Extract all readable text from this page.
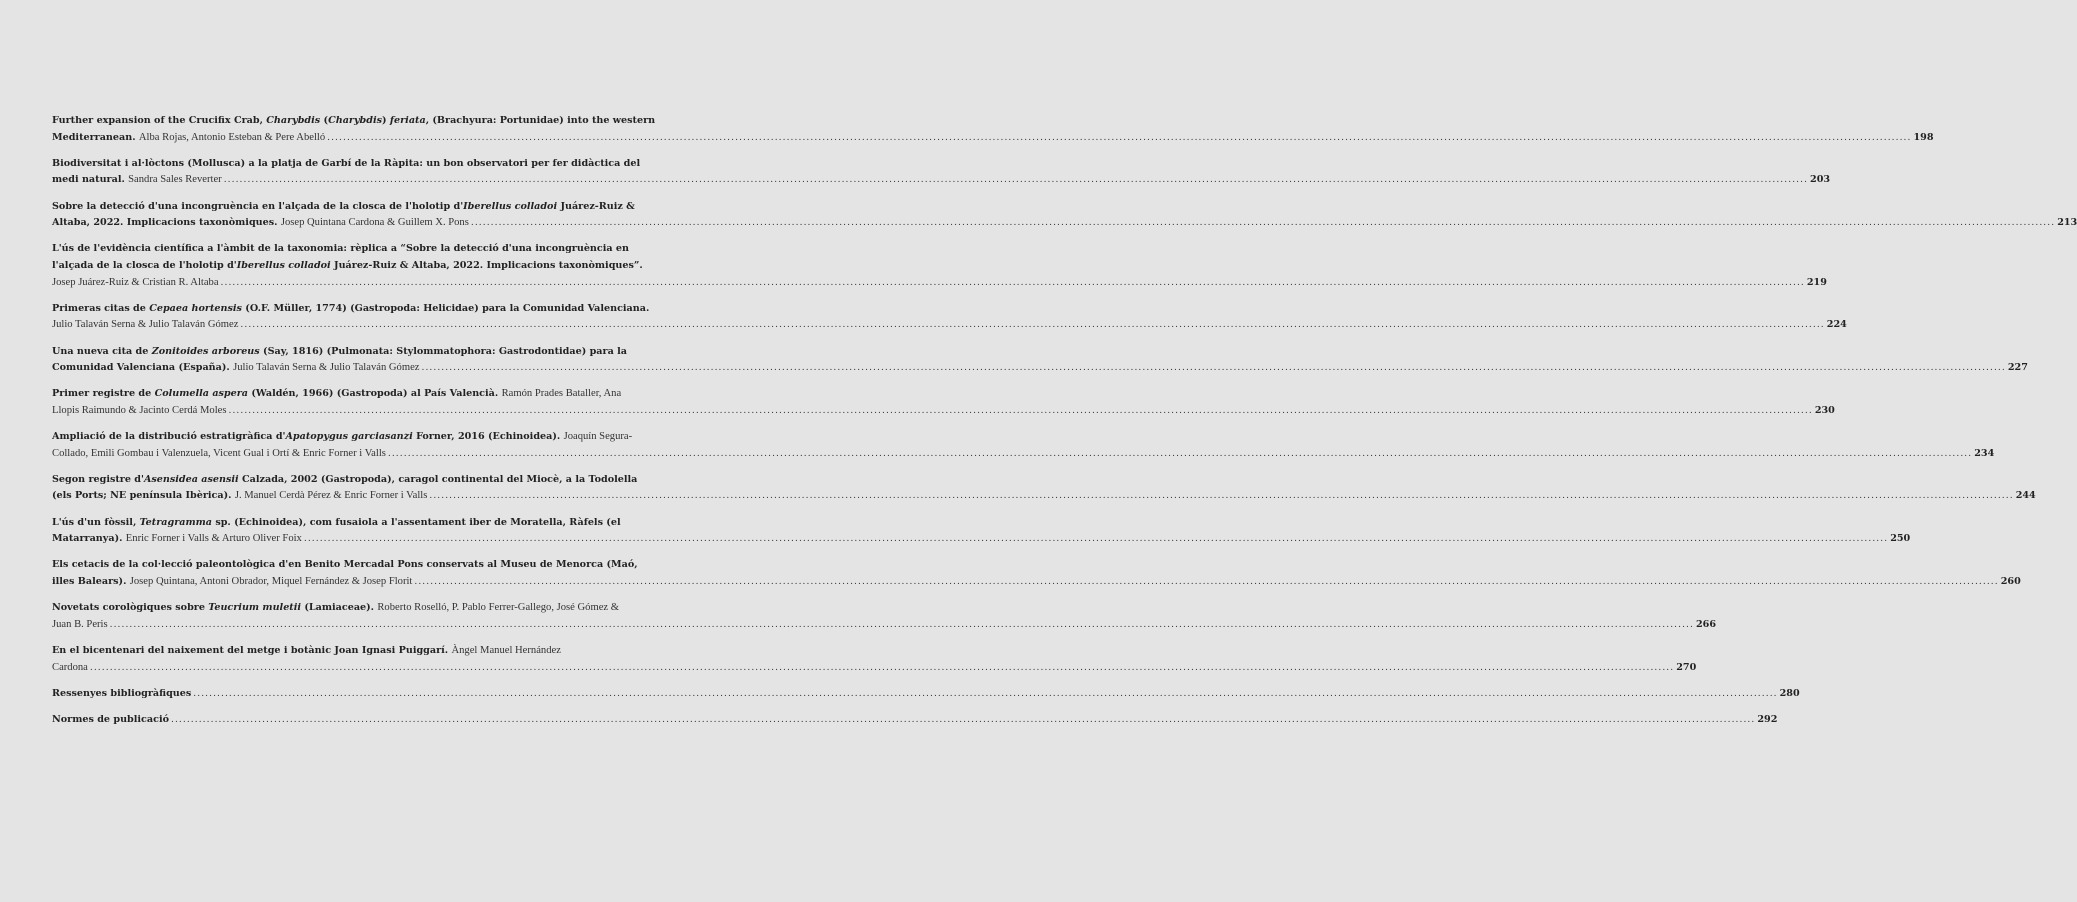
Further expansion of the Crucifix Crab, Charybdis (Charybdis) feriata, (Brachyura: Portunidae) into the western
Mediterranean. Alba Rojas, Antonio Esteban & Pere Abelló ................................................................................................................................................................................................................................................................................................................................................................................................................ 198
Biodiversitat i al·lòctons (Mollusca) a la platja de Garbí de la Ràpita: un bon observatori per fer didàctica del
medi natural. Sandra Sales Reverter ................................................................................................................................................................................................................................................................................................................................................................................................................ 203
Sobre la detecció d'una incongruència en l'alçada de la closca de l'holotip d'Iberellus colladoi Juárez-Ruiz &
Altaba, 2022. Implicacions taxonòmiques. Josep Quintana Cardona & Guillem X. Pons ................................................................................................................................................................................................................................................................................................................................................................................................................ 213
L'ús de l'evidència científica a l'àmbit de la taxonomia: rèplica a “Sobre la detecció d'una incongruència en
l'alçada de la closca de l'holotip d'Iberellus colladoi Juárez-Ruiz & Altaba, 2022. Implicacions taxonòmiques”.
Josep Juárez-Ruiz & Cristian R. Altaba ................................................................................................................................................................................................................................................................................................................................................................................................................ 219
Primeras citas de Cepaea hortensis (O.F. Müller, 1774) (Gastropoda: Helicidae) para la Comunidad Valenciana.
Julio Talaván Serna & Julio Talaván Gómez ................................................................................................................................................................................................................................................................................................................................................................................................................ 224
Una nueva cita de Zonitoides arboreus (Say, 1816) (Pulmonata: Stylommatophora: Gastrodontidae) para la
Comunidad Valenciana (España). Julio Talaván Serna & Julio Talaván Gómez ................................................................................................................................................................................................................................................................................................................................................................................................................ 227
Primer registre de Columella aspera (Waldén, 1966) (Gastropoda) al País Valencià. Ramón Prades Bataller, Ana
Llopis Raimundo & Jacinto Cerdá Moles ................................................................................................................................................................................................................................................................................................................................................................................................................ 230
Ampliació de la distribució estratigràfica d'Apatopygus garciasanzi Forner, 2016 (Echinoidea). Joaquín Segura-
Collado, Emili Gombau i Valenzuela, Vicent Gual i Ortí & Enric Forner i Valls ................................................................................................................................................................................................................................................................................................................................................................................................................ 234
Segon registre d'Asensidea asensii Calzada, 2002 (Gastropoda), caragol continental del Miocè, a la Todolella
(els Ports; NE península Ibèrica). J. Manuel Cerdà Pérez & Enric Forner i Valls ................................................................................................................................................................................................................................................................................................................................................................................................................ 244
L'ús d'un fòssil, Tetragramma sp. (Echinoidea), com fusaiola a l'assentament iber de Moratella, Ràfels (el
Matarranya). Enric Forner i Valls & Arturo Oliver Foix ................................................................................................................................................................................................................................................................................................................................................................................................................ 250
Els cetacis de la col·lecció paleontològica d'en Benito Mercadal Pons conservats al Museu de Menorca (Maó,
illes Balears). Josep Quintana, Antoni Obrador, Miquel Fernández & Josep Florit ................................................................................................................................................................................................................................................................................................................................................................................................................ 260
Novetats corològiques sobre Teucrium muletii (Lamiaceae). Roberto Roselló, P. Pablo Ferrer-Gallego, José Gómez &
Juan B. Peris ................................................................................................................................................................................................................................................................................................................................................................................................................ 266
En el bicentenari del naixement del metge i botànic Joan Ignasi Puiggarí. Àngel Manuel Hernández
Cardona ................................................................................................................................................................................................................................................................................................................................................................................................................ 270
Ressenyes bibliogràfiques ................................................................................................................................................................................................................................................................................................................................................................................................................ 280
Normes de publicació ................................................................................................................................................................................................................................................................................................................................................................................................................ 292
